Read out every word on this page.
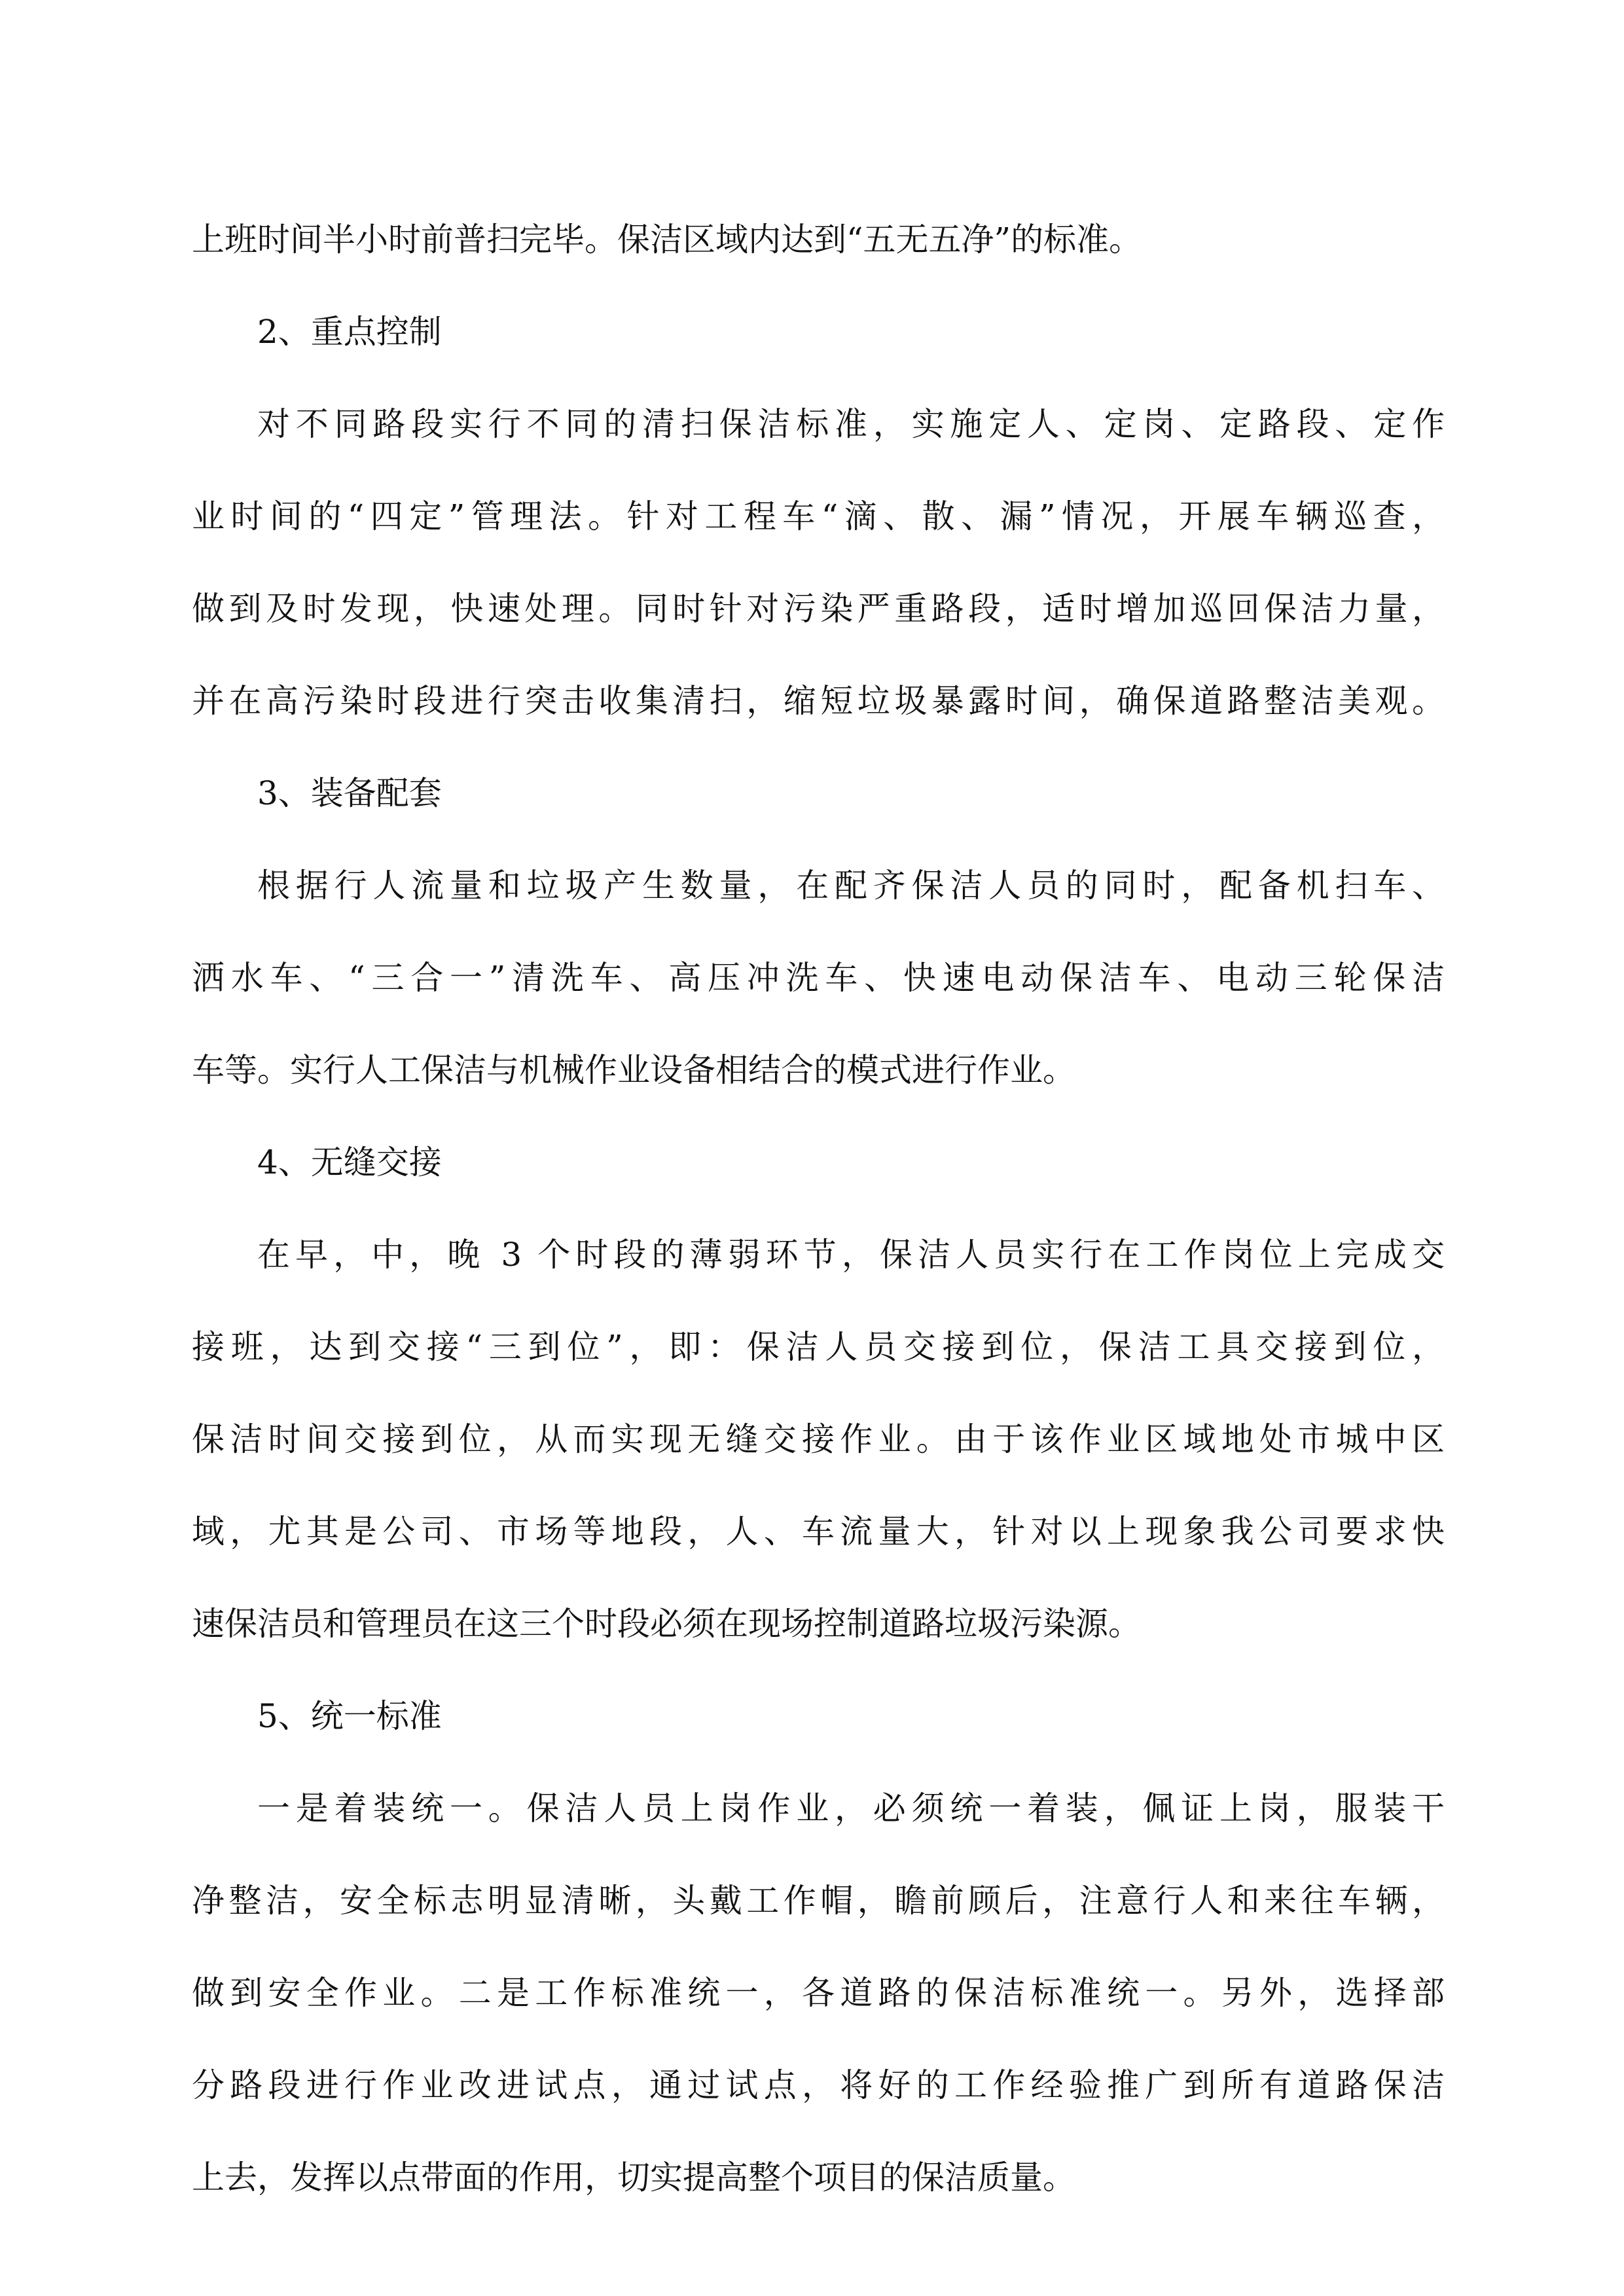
上班时间半小时前普扫完毕。保洁区域内达到“五无五净”的标准。
2、重点控制
对不同路段实行不同的清扫保洁标准，实施定人、定岗、定路段、定作
业时间的“四定”管理法。针对工程车“滴、散、漏”情况，开展车辆巡查，
做到及时发现，快速处理。同时针对污染严重路段，适时增加巡回保洁力量，
并在高污染时段进行突击收集清扫，缩短垃圾暴露时间，确保道路整洁美观。
3、装备配套
根据行人流量和垃圾产生数量，在配齐保洁人员的同时，配备机扫车、
洒水车、“三合一”清洗车、高压冲洗车、快速电动保洁车、电动三轮保洁
车等。实行人工保洁与机械作业设备相结合的模式进行作业。
4、无缝交接
在早，中，晚 3 个时段的薄弱环节，保洁人员实行在工作岗位上完成交
接班，达到交接“三到位”，即：保洁人员交接到位，保洁工具交接到位，
保洁时间交接到位，从而实现无缝交接作业。由于该作业区域地处市城中区
域，尤其是公司、市场等地段，人、车流量大，针对以上现象我公司要求快
速保洁员和管理员在这三个时段必须在现场控制道路垃圾污染源。
5、统一标准
一是着装统一。保洁人员上岗作业，必须统一着装，佩证上岗，服装干
净整洁，安全标志明显清晰，头戴工作帽，瞻前顾后，注意行人和来往车辆，
做到安全作业。二是工作标准统一，各道路的保洁标准统一。另外，选择部
分路段进行作业改进试点，通过试点，将好的工作经验推广到所有道路保洁
上去，发挥以点带面的作用，切实提高整个项目的保洁质量。
